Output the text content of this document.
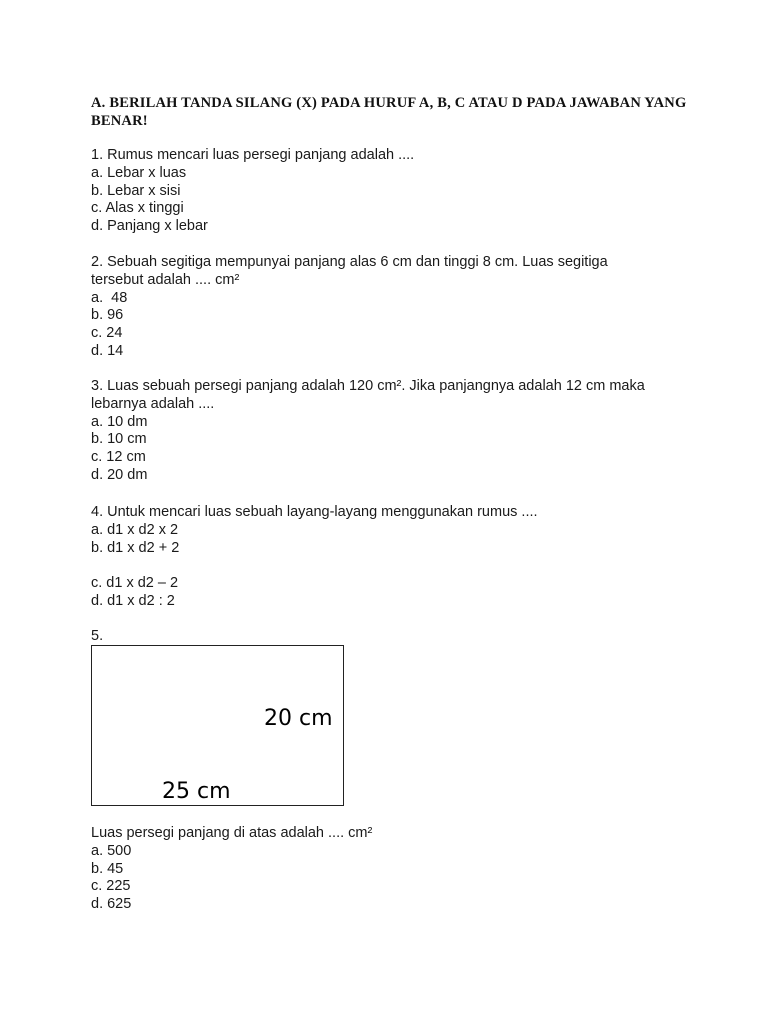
A. BERILAH TANDA SILANG (X) PADA HURUF A, B, C ATAU D PADA JAWABAN YANG BENAR!
1. Rumus mencari luas persegi panjang adalah ....
a. Lebar x luas
b. Lebar x sisi
c. Alas x tinggi
d. Panjang x lebar
2. Sebuah segitiga mempunyai panjang alas 6 cm dan tinggi 8 cm. Luas segitiga
tersebut adalah .... cm²
a.  48
b. 96
c. 24
d. 14
3. Luas sebuah persegi panjang adalah 120 cm². Jika panjangnya adalah 12 cm maka
lebarnya adalah ....
a. 10 dm
b. 10 cm
c. 12 cm
d. 20 dm
4. Untuk mencari luas sebuah layang-layang menggunakan rumus ....
a. d1 x d2 x 2
b. d1 x d2 + 2
c. d1 x d2 – 2
d. d1 x d2 : 2
5.
20 cm
25 cm
Luas persegi panjang di atas adalah .... cm²
a. 500
b. 45
c. 225
d. 625
